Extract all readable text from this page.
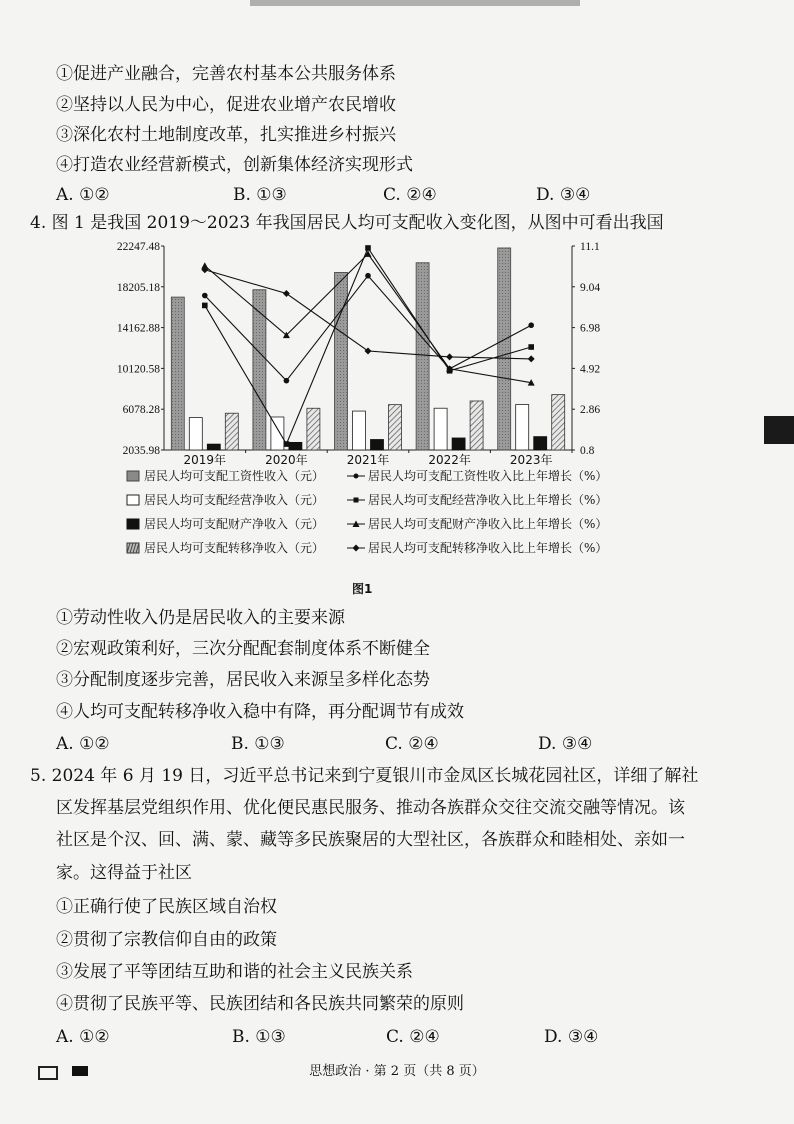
①促进产业融合，完善农村基本公共服务体系
②坚持以人民为中心，促进农业增产农民增收
③深化农村土地制度改革，扎实推进乡村振兴
④打造农业经营新模式，创新集体经济实现形式
A. ①②	B. ①③	C. ②④	D. ③④
4. 图 1 是我国 2019～2023 年我国居民人均可支配收入变化图，从图中可看出我国
22247.48
18205.18
14162.88
10120.58
6078.28
2035.98
11.1
9.04
6.98
4.92
2.86
0.8
2019年	2020年	2021年	2022年	2023年
居民人均可支配工资性收入（元）
居民人均可支配经营净收入（元）
居民人均可支配财产净收入（元）
居民人均可支配转移净收入（元）
居民人均可支配工资性收入比上年增长（%）
居民人均可支配经营净收入比上年增长（%）
居民人均可支配财产净收入比上年增长（%）
居民人均可支配转移净收入比上年增长（%）
图1
①劳动性收入仍是居民收入的主要来源
②宏观政策利好，三次分配配套制度体系不断健全
③分配制度逐步完善，居民收入来源呈多样化态势
④人均可支配转移净收入稳中有降，再分配调节有成效
A. ①②	B. ①③	C. ②④	D. ③④
5. 2024 年 6 月 19 日，习近平总书记来到宁夏银川市金凤区长城花园社区，详细了解社
区发挥基层党组织作用、优化便民惠民服务、推动各族群众交往交流交融等情况。该
社区是个汉、回、满、蒙、藏等多民族聚居的大型社区，各族群众和睦相处、亲如一
家。这得益于社区
①正确行使了民族区域自治权
②贯彻了宗教信仰自由的政策
③发展了平等团结互助和谐的社会主义民族关系
④贯彻了民族平等、民族团结和各民族共同繁荣的原则
A. ①②	B. ①③	C. ②④	D. ③④
思想政治 · 第 2 页（共 8 页）
